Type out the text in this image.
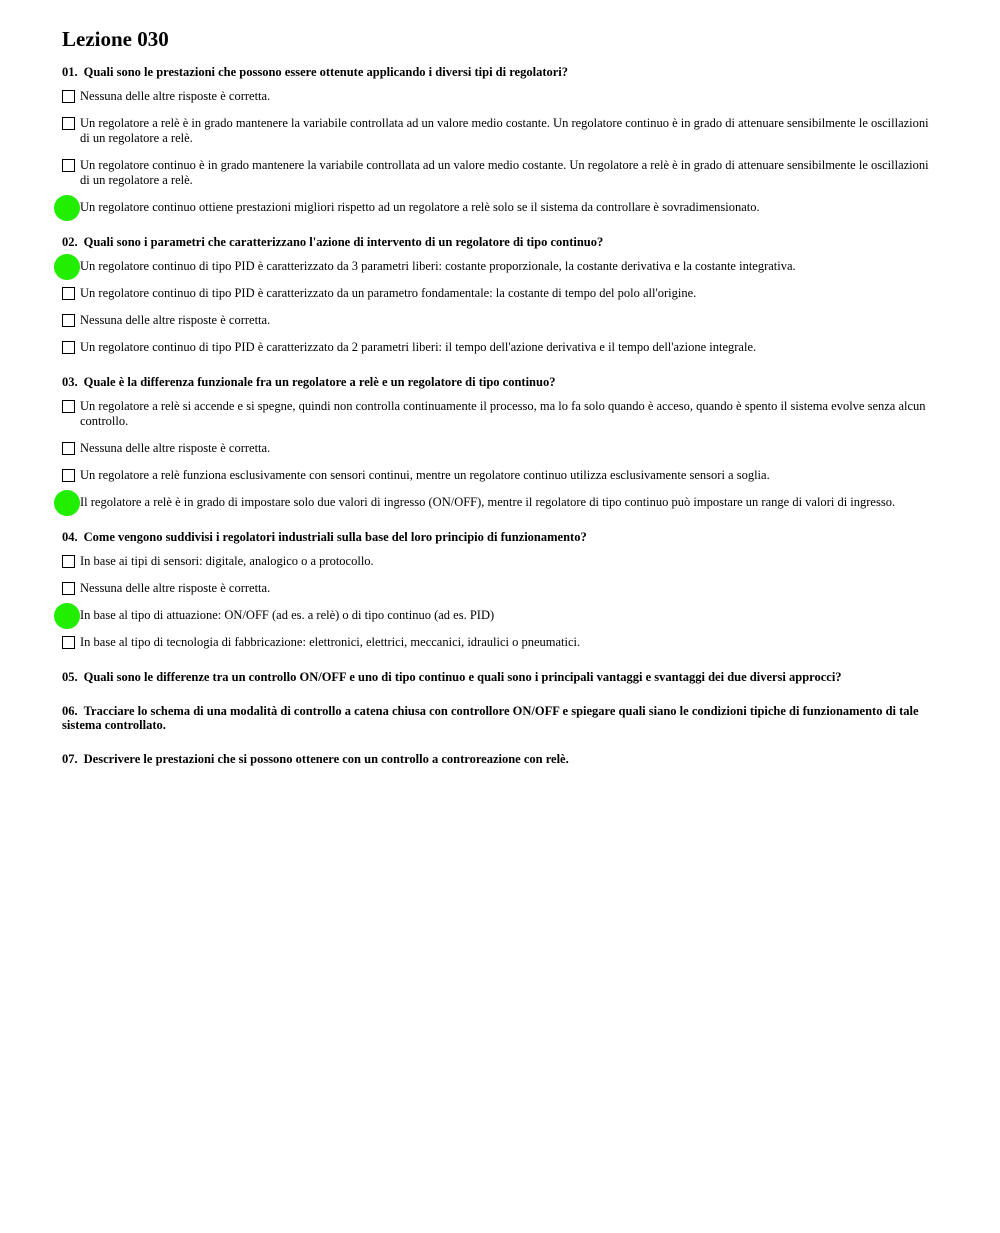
Lezione 030
01. Quali sono le prestazioni che possono essere ottenute applicando i diversi tipi di regolatori?
Nessuna delle altre risposte è corretta.
Un regolatore a relè è in grado mantenere la variabile controllata ad un valore medio costante. Un regolatore continuo è in grado di attenuare sensibilmente le oscillazioni di un regolatore a relè.
Un regolatore continuo è in grado mantenere la variabile controllata ad un valore medio costante. Un regolatore a relè è in grado di attenuare sensibilmente le oscillazioni di un regolatore a relè.
Un regolatore continuo ottiene prestazioni migliori rispetto ad un regolatore a relè solo se il sistema da controllare è sovradimensionato.
02. Quali sono i parametri che caratterizzano l'azione di intervento di un regolatore di tipo continuo?
Un regolatore continuo di tipo PID è caratterizzato da 3 parametri liberi: costante proporzionale, la costante derivativa e la costante integrativa.
Un regolatore continuo di tipo PID è caratterizzato da un parametro fondamentale: la costante di tempo del polo all'origine.
Nessuna delle altre risposte è corretta.
Un regolatore continuo di tipo PID è caratterizzato da 2 parametri liberi: il tempo dell'azione derivativa e il tempo dell'azione integrale.
03. Quale è la differenza funzionale fra un regolatore a relè e un regolatore di tipo continuo?
Un regolatore a relè si accende e si spegne, quindi non controlla continuamente il processo, ma lo fa solo quando è acceso, quando è spento il sistema evolve senza alcun controllo.
Nessuna delle altre risposte è corretta.
Un regolatore a relè funziona esclusivamente con sensori continui, mentre un regolatore continuo utilizza esclusivamente sensori a soglia.
Il regolatore a relè è in grado di impostare solo due valori di ingresso (ON/OFF), mentre il regolatore di tipo continuo può impostare un range di valori di ingresso.
04. Come vengono suddivisi i regolatori industriali sulla base del loro principio di funzionamento?
In base ai tipi di sensori: digitale, analogico o a protocollo.
Nessuna delle altre risposte è corretta.
In base al tipo di attuazione: ON/OFF (ad es. a relè) o di tipo continuo (ad es. PID)
In base al tipo di tecnologia di fabbricazione: elettronici, elettrici, meccanici, idraulici o pneumatici.
05. Quali sono le differenze tra un controllo ON/OFF e uno di tipo continuo e quali sono i principali vantaggi e svantaggi dei due diversi approcci?
06. Tracciare lo schema di una modalità di controllo a catena chiusa con controllore ON/OFF e spiegare quali siano le condizioni tipiche di funzionamento di tale sistema controllato.
07. Descrivere le prestazioni che si possono ottenere con un controllo a controreazione con relè.
